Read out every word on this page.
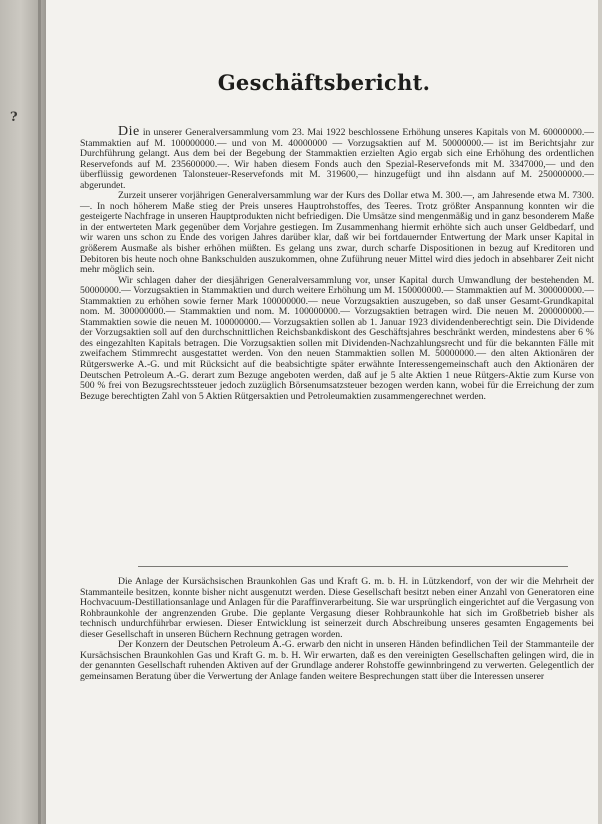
?
Geschäftsbericht.

Die in unserer Generalversammlung vom 23. Mai 1922 beschlossene Erhöhung unseres Kapitals von M. 60000000.— Stammaktien auf M. 100000000.— und von M. 40000000 — Vorzugsaktien auf M. 50000000.— ist im Berichtsjahr zur Durchführung gelangt. Aus dem bei der Begebung der Stammaktien erzielten Agio ergab sich eine Erhöhung des ordentlichen Reservefonds auf M. 235600000.—. Wir haben diesem Fonds auch den Spezial-Reservefonds mit M. 3347000,— und den überflüssig gewordenen Talonsteuer-Reservefonds mit M. 319600,— hinzugefügt und ihn alsdann auf M. 250000000.— abgerundet.

Zurzeit unserer vorjährigen Generalversammlung war der Kurs des Dollar etwa M. 300.—, am Jahresende etwa M. 7300.—. In noch höherem Maße stieg der Preis unseres Hauptrohstoffes, des Teeres. Trotz größter Anspannung konnten wir die gesteigerte Nachfrage in unseren Hauptprodukten nicht befriedigen. Die Umsätze sind mengenmäßig und in ganz besonderem Maße in der entwerteten Mark gegenüber dem Vorjahre gestiegen. Im Zusammenhang hiermit erhöhte sich auch unser Geldbedarf, und wir waren uns schon zu Ende des vorigen Jahres darüber klar, daß wir bei fortdauernder Entwertung der Mark unser Kapital in größerem Ausmaße als bisher erhöhen müßten. Es gelang uns zwar, durch scharfe Dispositionen in bezug auf Kreditoren und Debitoren bis heute noch ohne Bankschulden auszukommen, ohne Zuführung neuer Mittel wird dies jedoch in absehbarer Zeit nicht mehr möglich sein.

Wir schlagen daher der diesjährigen Generalversammlung vor, unser Kapital durch Umwandlung der bestehenden M. 50000000.— Vorzugsaktien in Stammaktien und durch weitere Erhöhung um M. 150000000.— Stammaktien auf M. 300000000.— Stammaktien zu erhöhen sowie ferner Mark 100000000.— neue Vorzugsaktien auszugeben, so daß unser Gesamt-Grundkapital nom. M. 300000000.— Stammaktien und nom. M. 100000000.— Vorzugsaktien betragen wird. Die neuen M. 200000000.— Stammaktien sowie die neuen M. 100000000.— Vorzugsaktien sollen ab 1. Januar 1923 dividendenberechtigt sein. Die Dividende der Vorzugsaktien soll auf den durchschnittlichen Reichsbankdiskont des Geschäftsjahres beschränkt werden, mindestens aber 6 % des eingezahlten Kapitals betragen. Die Vorzugsaktien sollen mit Dividenden-Nachzahlungsrecht und für die bekannten Fälle mit zweifachem Stimmrecht ausgestattet werden. Von den neuen Stammaktien sollen M. 50000000.— den alten Aktionären der Rütgerswerke A.-G. und mit Rücksicht auf die beabsichtigte später erwähnte Interessengemeinschaft auch den Aktionären der Deutschen Petroleum A.-G. derart zum Bezuge angeboten werden, daß auf je 5 alte Aktien 1 neue Rütgers-Aktie zum Kurse von 500 % frei von Bezugsrechtssteuer jedoch zuzüglich Börsenumsatzsteuer bezogen werden kann, wobei für die Erreichung der zum Bezuge berechtigten Zahl von 5 Aktien Rütgersaktien und Petroleumaktien zusammengerechnet werden.

Die Anlage der Kursächsischen Braunkohlen Gas und Kraft G. m. b. H. in Lützkendorf, von der wir die Mehrheit der Stammanteile besitzen, konnte bisher nicht ausgenutzt werden. Diese Gesellschaft besitzt neben einer Anzahl von Generatoren eine Hochvacuum-Destillationsanlage und Anlagen für die Paraffinverarbeitung. Sie war ursprünglich eingerichtet auf die Vergasung von Rohbraunkohle der angrenzenden Grube. Die geplante Vergasung dieser Rohbraunkohle hat sich im Großbetrieb bisher als technisch undurchführbar erwiesen. Dieser Entwicklung ist seinerzeit durch Abschreibung unseres gesamten Engagements bei dieser Gesellschaft in unseren Büchern Rechnung getragen worden.

Der Konzern der Deutschen Petroleum A.-G. erwarb den nicht in unseren Händen befindlichen Teil der Stammanteile der Kursächsischen Braunkohlen Gas und Kraft G. m. b. H. Wir erwarten, daß es den vereinigten Gesellschaften gelingen wird, die in der genannten Gesellschaft ruhenden Aktiven auf der Grundlage anderer Rohstoffe gewinnbringend zu verwerten. Gelegentlich der gemeinsamen Beratung über die Verwertung der Anlage fanden weitere Besprechungen statt über die Interessen unserer
